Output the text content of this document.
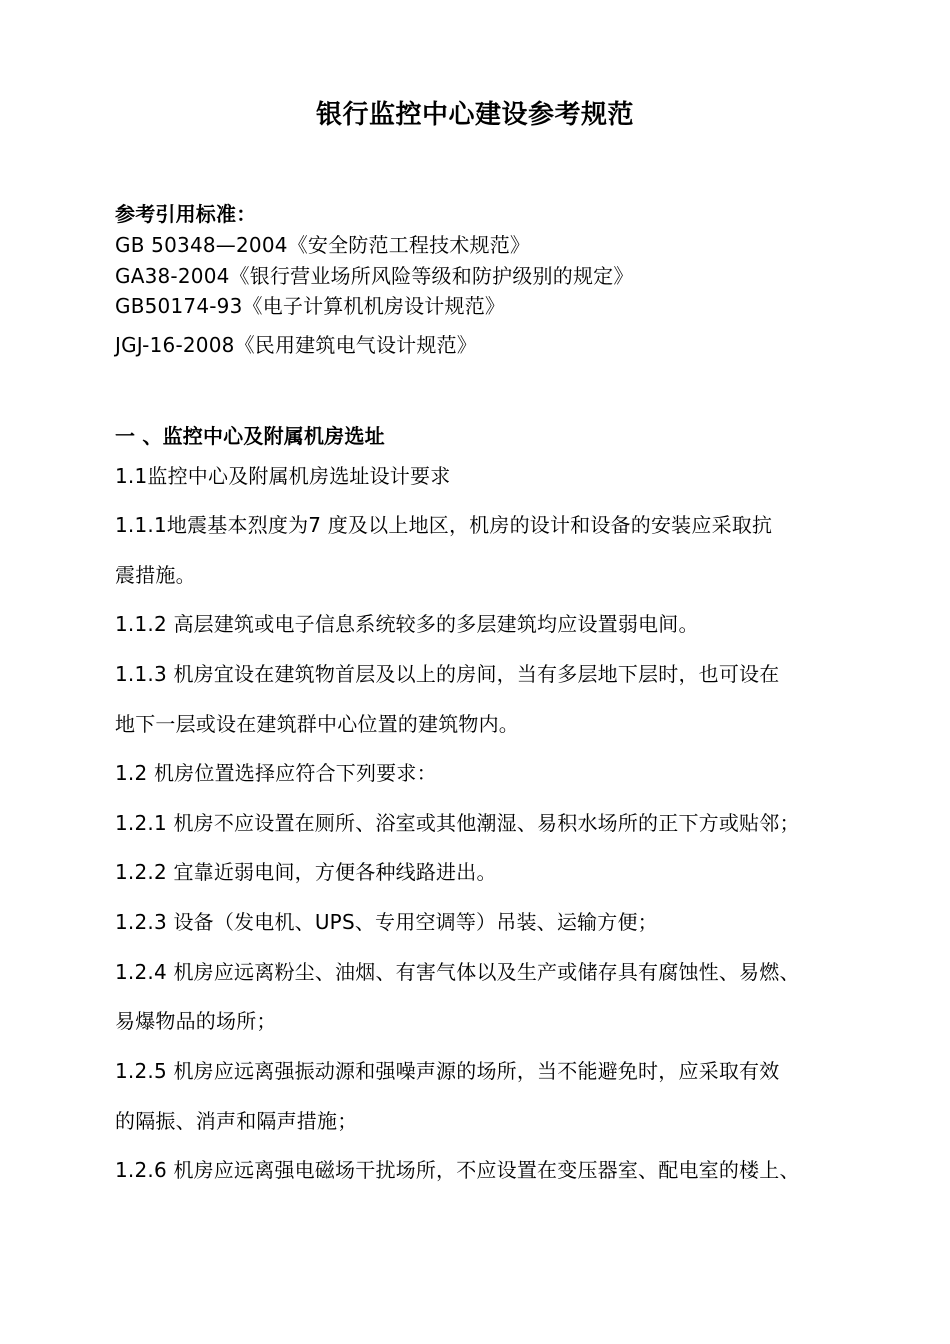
银行监控中心建设参考规范
参考引用标准：
GB 50348—2004《安全防范工程技术规范》
GA38-2004《银行营业场所风险等级和防护级别的规定》
GB50174-93《电子计算机机房设计规范》
JGJ-16-2008《民用建筑电气设计规范》
一 、监控中心及附属机房选址
1.1监控中心及附属机房选址设计要求
1.1.1地震基本烈度为7 度及以上地区，机房的设计和设备的安装应采取抗
震措施。
1.1.2 高层建筑或电子信息系统较多的多层建筑均应设置弱电间。
1.1.3 机房宜设在建筑物首层及以上的房间，当有多层地下层时，也可设在
地下一层或设在建筑群中心位置的建筑物内。
1.2 机房位置选择应符合下列要求：
1.2.1 机房不应设置在厕所、浴室或其他潮湿、易积水场所的正下方或贴邻；
1.2.2 宜靠近弱电间，方便各种线路进出。
1.2.3 设备（发电机、UPS、专用空调等）吊装、运输方便；
1.2.4 机房应远离粉尘、油烟、有害气体以及生产或储存具有腐蚀性、易燃、
易爆物品的场所；
1.2.5 机房应远离强振动源和强噪声源的场所，当不能避免时，应采取有效
的隔振、消声和隔声措施；
1.2.6 机房应远离强电磁场干扰场所，不应设置在变压器室、配电室的楼上、
